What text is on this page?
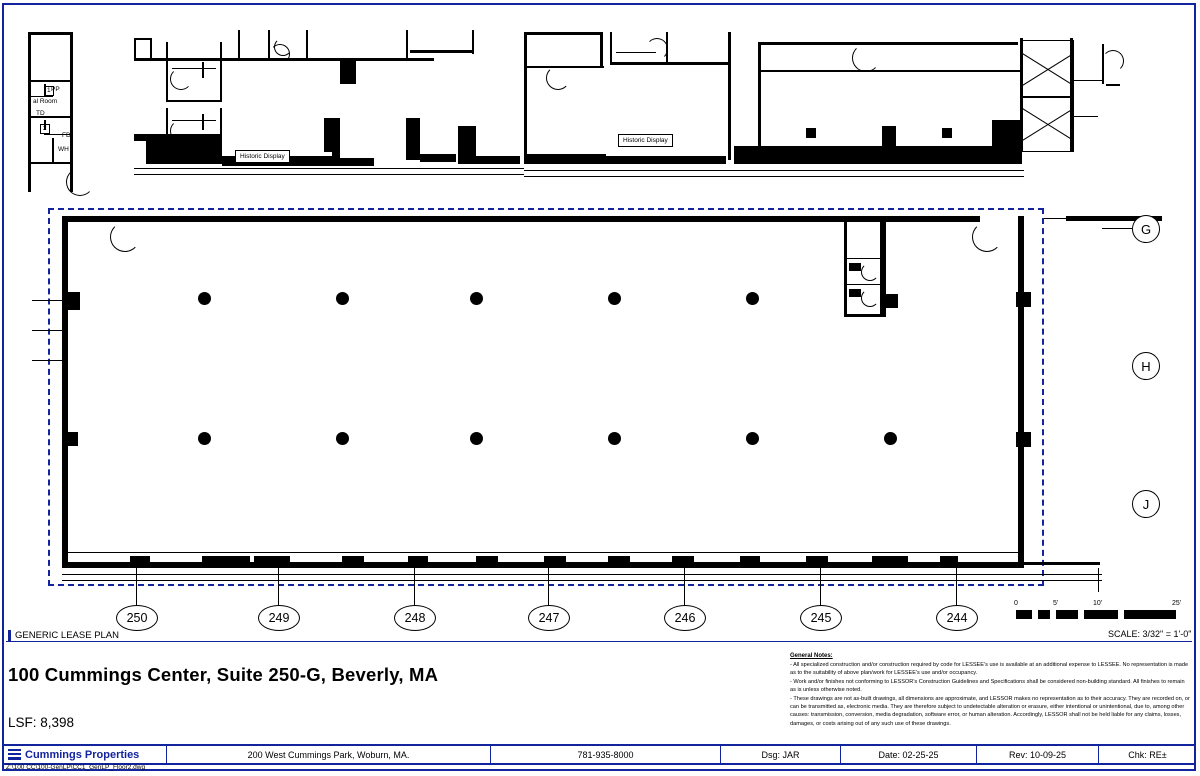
Historic Display
Historic Display
PP
al Room
TD
FD
WH
1
2
250	249	248	247	246	245	244
G
H
J
0	5'	10'	25'
SCALE: 3/32" = 1'-0"
GENERIC LEASE PLAN
100 Cummings Center, Suite 250-G, Beverly, MA
LSF: 8,398
General Notes:
- All specialized construction and/or construction required by code for LESSEE's use is available at an additional expense to LESSEE. No representation is made as to the suitability of above plan/work for LESSEE's use and/or occupancy.
- Work and/or finishes not conforming to LESSOR's Construction Guidelines and Specifications shall be considered non-building standard. All finishes to remain as is unless otherwise noted.
- These drawings are not as-built drawings, all dimensions are approximate, and LESSOR makes no representation as to their accuracy. They are recorded on, or can be transmitted as, electronic media. They are therefore subject to undetectable alteration or erasure, either intentional or unintentional, due to, among other causes: transmission, conversion, media degradation, software error, or human alteration. Accordingly, LESSOR shall not be held liable for any claims, losses, damages, or costs arising out of any such use of these drawings.
Cummings Properties	200 West Cummings Park, Woburn, MA.	781-935-8000	Dsg: JAR	Date: 02-25-25	Rev: 10-09-25	Chk: RE±
Z:\100 CC\100-GenLP\CC1_GenLP_Floor2.dwg
